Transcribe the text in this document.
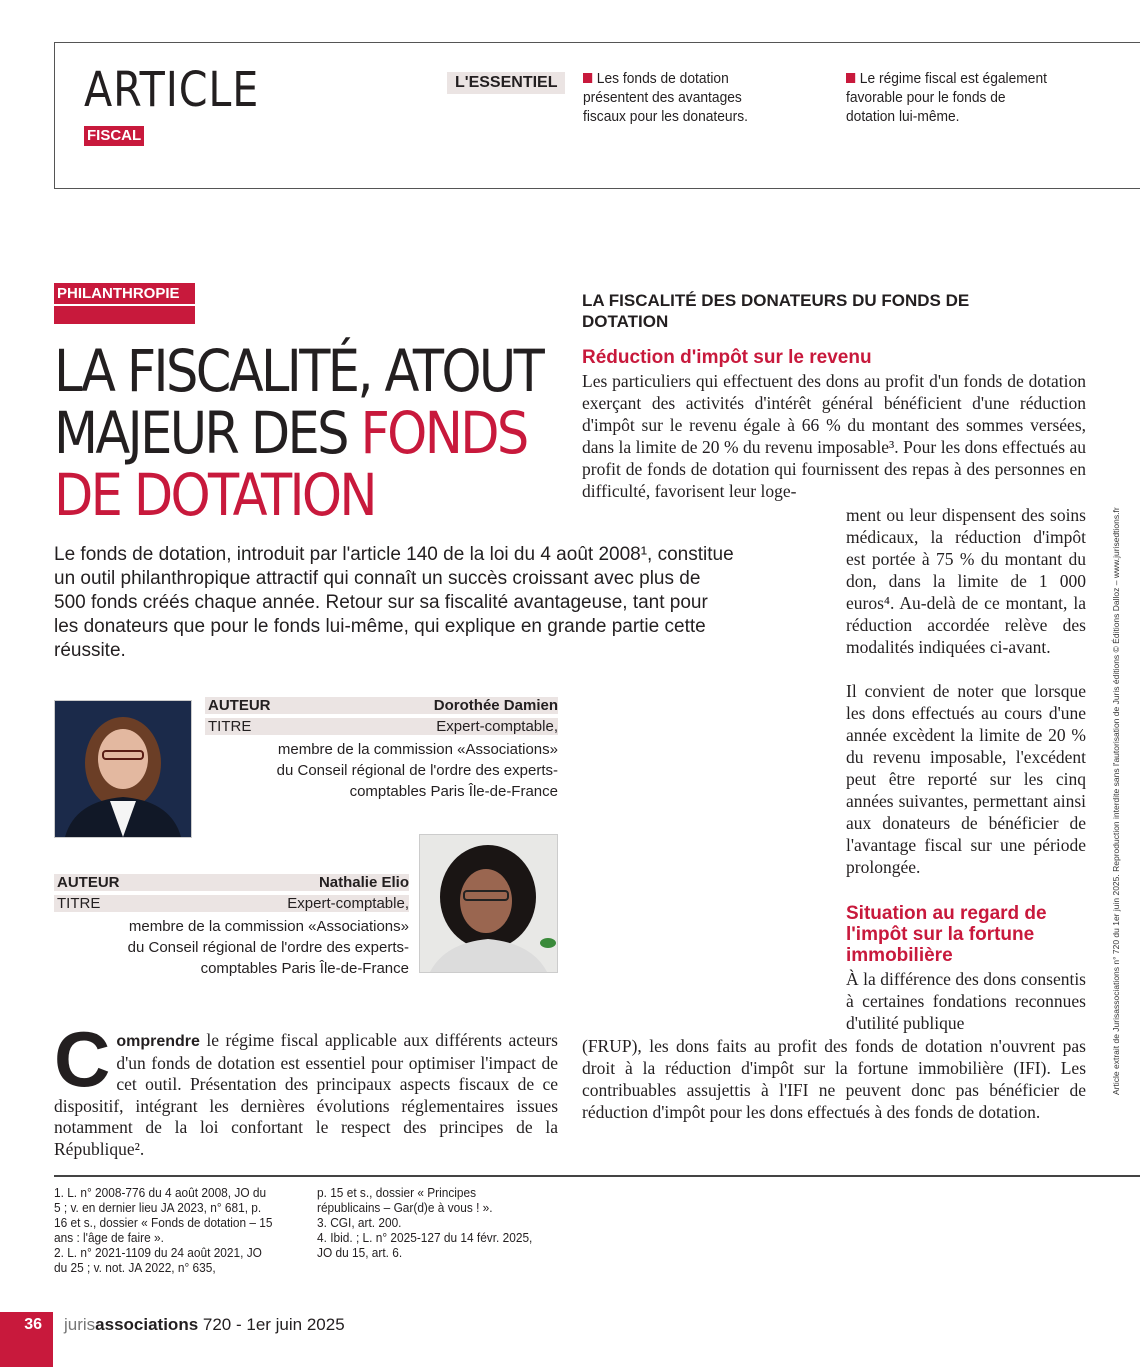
ARTICLE
FISCAL
L'ESSENTIEL	Les fonds de dotation présentent des avantages fiscaux pour les donateurs.
Le régime fiscal est également favorable pour le fonds de dotation lui-même.
PHILANTHROPIE
LA FISCALITÉ, ATOUT MAJEUR DES FONDS
DE DOTATION
Le fonds de dotation, introduit par l'article 140 de la loi du 4 août 2008¹, constitue un outil philanthropique attractif qui connaît un succès croissant avec plus de 500 fonds créés chaque année. Retour sur sa fiscalité avantageuse, tant pour les donateurs que pour le fonds lui-même, qui explique en grande partie cette réussite.
AUTEUR	Dorothée Damien
TITRE	Expert-comptable,
membre de la commission «Associations» du Conseil régional de l'ordre des experts-comptables Paris Île-de-France
AUTEUR	Nathalie Elio
TITRE	Expert-comptable,
membre de la commission «Associations» du Conseil régional de l'ordre des experts-comptables Paris Île-de-France
Comprendre le régime fiscal applicable aux différents acteurs d'un fonds de dotation est essentiel pour optimiser l'impact de cet outil. Présentation des principaux aspects fiscaux de ce dispositif, intégrant les dernières évolutions réglementaires issues notamment de la loi confortant le respect des principes de la République².
LA FISCALITÉ DES DONATEURS DU FONDS DE DOTATION
Réduction d'impôt sur le revenu
Les particuliers qui effectuent des dons au profit d'un fonds de dotation exerçant des activités d'intérêt général bénéficient d'une réduction d'impôt sur le revenu égale à 66 % du montant des sommes versées, dans la limite de 20 % du revenu imposable³. Pour les dons effectués au profit de fonds de dotation qui fournissent des repas à des personnes en difficulté, favorisent leur loge-
ment ou leur dispensent des soins médicaux, la réduction d'impôt est portée à 75 % du montant du don, dans la limite de 1 000 euros⁴. Au-delà de ce montant, la réduction accordée relève des modalités indiquées ci-avant.
Il convient de noter que lorsque les dons effectués au cours d'une année excèdent la limite de 20 % du revenu imposable, l'excédent peut être reporté sur les cinq années suivantes, permettant ainsi aux donateurs de bénéficier de l'avantage fiscal sur une période prolongée.
Situation au regard de l'impôt sur la fortune immobilière
À la différence des dons consentis à certaines fondations reconnues d'utilité publique
(FRUP), les dons faits au profit des fonds de dotation n'ouvrent pas droit à la réduction d'impôt sur la fortune immobilière (IFI). Les contribuables assujettis à l'IFI ne peuvent donc pas bénéficier de réduction d'impôt pour les dons effectués à des fonds de dotation.
1. L. n° 2008-776 du 4 août 2008, JO du 5 ; v. en dernier lieu JA 2023, n° 681, p. 16 et s., dossier « Fonds de dotation – 15 ans : l'âge de faire ».
2. L. n° 2021-1109 du 24 août 2021, JO du 25 ; v. not. JA 2022, n° 635,
p. 15 et s., dossier « Principes républicains – Gar(d)e à vous ! ».
3. CGI, art. 200.
4. Ibid. ; L. n° 2025-127 du 14 févr. 2025, JO du 15, art. 6.
36 jurisassociations 720 - 1er juin 2025
Article extrait de Jurisassociations n° 720 du 1er juin 2025. Reproduction interdite sans l'autorisation de Juris éditions © Éditions Dalloz – www.jurisedtions.fr
